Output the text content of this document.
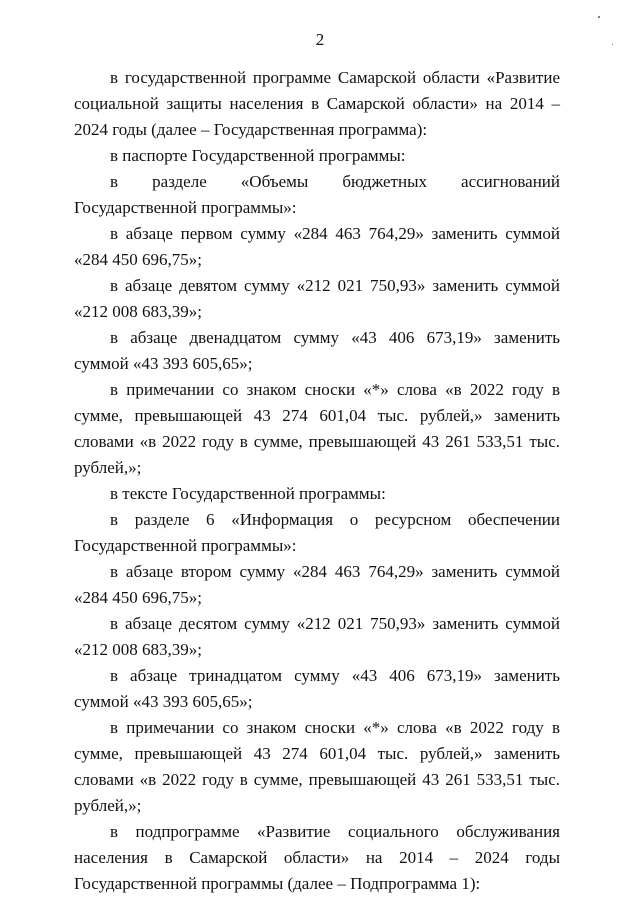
2

в государственной программе Самарской области «Развитие социальной защиты населения в Самарской области» на 2014 – 2024 годы (далее – Государственная программа):

в паспорте Государственной программы:

в разделе «Объемы бюджетных ассигнований Государственной программы»:

в абзаце первом сумму «284 463 764,29» заменить суммой «284 450 696,75»;

в абзаце девятом сумму «212 021 750,93» заменить суммой «212 008 683,39»;

в абзаце двенадцатом сумму «43 406 673,19» заменить суммой «43 393 605,65»;

в примечании со знаком сноски «*» слова «в 2022 году в сумме, превышающей 43 274 601,04 тыс. рублей,» заменить словами «в 2022 году в сумме, превышающей 43 261 533,51 тыс. рублей,»;

в тексте Государственной программы:

в разделе 6 «Информация о ресурсном обеспечении Государственной программы»:

в абзаце втором сумму «284 463 764,29» заменить суммой «284 450 696,75»;

в абзаце десятом сумму «212 021 750,93» заменить суммой «212 008 683,39»;

в абзаце тринадцатом сумму «43 406 673,19» заменить суммой «43 393 605,65»;

в примечании со знаком сноски «*» слова «в 2022 году в сумме, превышающей 43 274 601,04 тыс. рублей,» заменить словами «в 2022 году в сумме, превышающей 43 261 533,51 тыс. рублей,»;

в подпрограмме «Развитие социального обслуживания населения в Самарской области» на 2014 – 2024 годы Государственной программы (далее – Подпрограмма 1):
